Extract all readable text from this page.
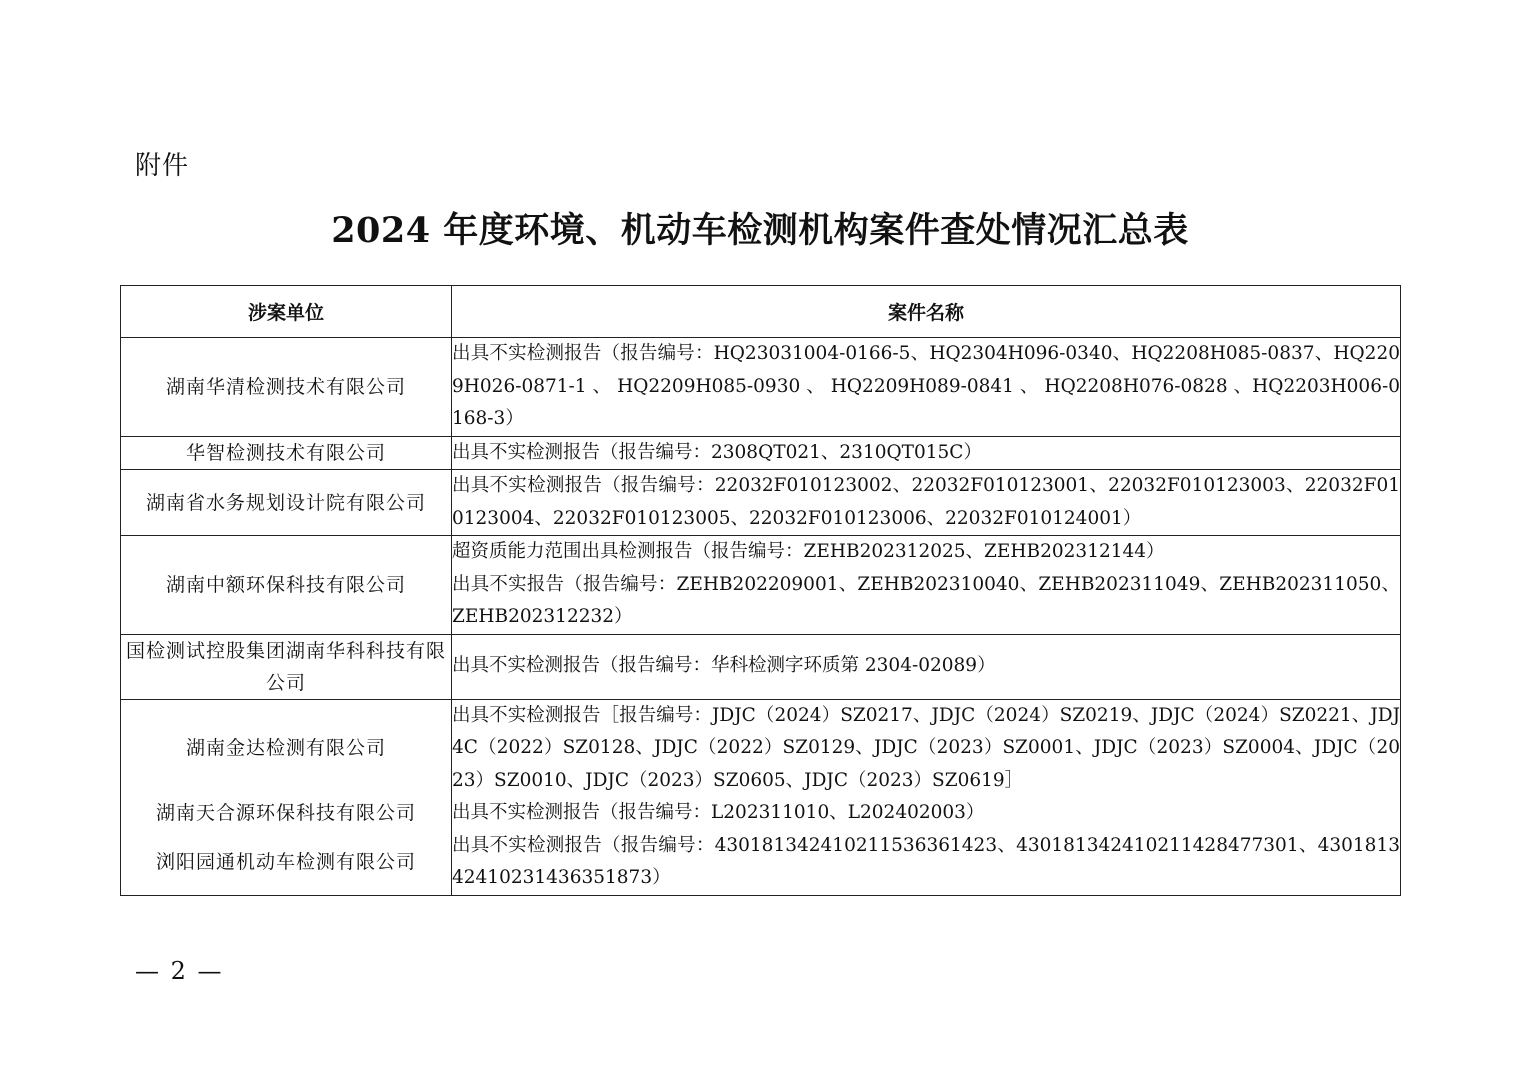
附件
2024 年度环境、机动车检测机构案件查处情况汇总表
涉案单位	案件名称
湖南华清检测技术有限公司	出具不实检测报告（报告编号：HQ23031004-0166-5、HQ2304H096-0340、HQ2208H085-0837、HQ2209H026-0871-1 、 HQ2209H085-0930 、 HQ2209H089-0841 、 HQ2208H076-0828 、HQ2203H006-0168-3）
华智检测技术有限公司	出具不实检测报告（报告编号：2308QT021、2310QT015C）
湖南省水务规划设计院有限公司	出具不实检测报告（报告编号：22032F010123002、22032F010123001、22032F010123003、22032F010123004、22032F010123005、22032F010123006、22032F010124001）
湖南中额环保科技有限公司	超资质能力范围出具检测报告（报告编号：ZEHB202312025、ZEHB202312144）
出具不实报告（报告编号：ZEHB202209001、ZEHB202310040、ZEHB202311049、ZEHB202311050、ZEHB202312232）

国检测试控股集团湖南华科科技有限公司	出具不实检测报告（报告编号：华科检测字环质第 2304-02089）
湖南金达检测有限公司	出具不实检测报告［报告编号：JDJC（2024）SZ0217、JDJC（2024）SZ0219、JDJC（2024）SZ0221、JDJ4C（2022）SZ0128、JDJC（2022）SZ0129、JDJC（2023）SZ0001、JDJC（2023）SZ0004、JDJC（2023）SZ0010、JDJC（2023）SZ0605、JDJC（2023）SZ0619］
湖南天合源环保科技有限公司	出具不实检测报告（报告编号：L202311010、L202402003）
浏阳园通机动车检测有限公司	出具不实检测报告（报告编号：430181342410211536361423、430181342410211428477301、430181342410231436351873）
— 2 —
